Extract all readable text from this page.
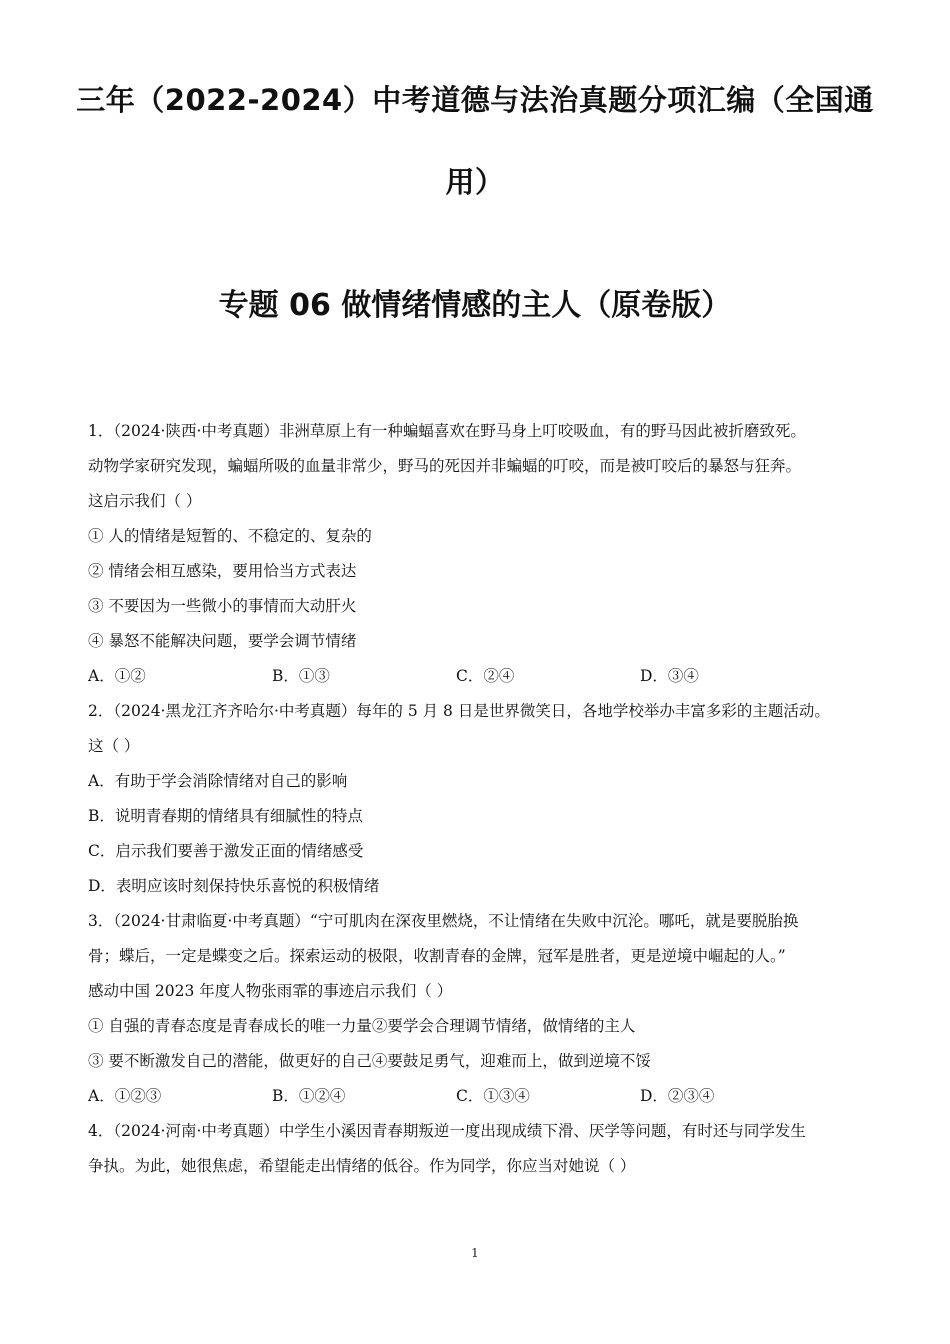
三年（2022-2024）中考道德与法治真题分项汇编（全国通
用）
专题 06 做情绪情感的主人（原卷版）
1．（2024·陕西·中考真题）非洲草原上有一种蝙蝠喜欢在野马身上叮咬吸血，有的野马因此被折磨致死。
动物学家研究发现，蝙蝠所吸的血量非常少，野马的死因并非蝙蝠的叮咬，而是被叮咬后的暴怒与狂奔。
这启示我们（ ）
① 人的情绪是短暂的、不稳定的、复杂的
② 情绪会相互感染，要用恰当方式表达
③ 不要因为一些微小的事情而大动肝火
④ 暴怒不能解决问题，要学会调节情绪
A．①②	B．①③	C．②④	D．③④
2．（2024·黑龙江齐齐哈尔·中考真题）每年的 5 月 8 日是世界微笑日，各地学校举办丰富多彩的主题活动。
这（ ）
A．有助于学会消除情绪对自己的影响
B．说明青春期的情绪具有细腻性的特点
C．启示我们要善于激发正面的情绪感受
D．表明应该时刻保持快乐喜悦的积极情绪
3．（2024·甘肃临夏·中考真题）“宁可肌肉在深夜里燃烧，不让情绪在失败中沉沦。哪吒，就是要脱胎换
骨；蝶后，一定是蝶变之后。探索运动的极限，收割青春的金牌，冠军是胜者，更是逆境中崛起的人。”
感动中国 2023 年度人物张雨霏的事迹启示我们（ ）
① 自强的青春态度是青春成长的唯一力量②要学会合理调节情绪，做情绪的主人
③ 要不断激发自己的潜能，做更好的自己④要鼓足勇气，迎难而上，做到逆境不馁
A．①②③	B．①②④	C．①③④	D．②③④
4．（2024·河南·中考真题）中学生小溪因青春期叛逆一度出现成绩下滑、厌学等问题，有时还与同学发生
争执。为此，她很焦虑，希望能走出情绪的低谷。作为同学，你应当对她说（ ）
1
